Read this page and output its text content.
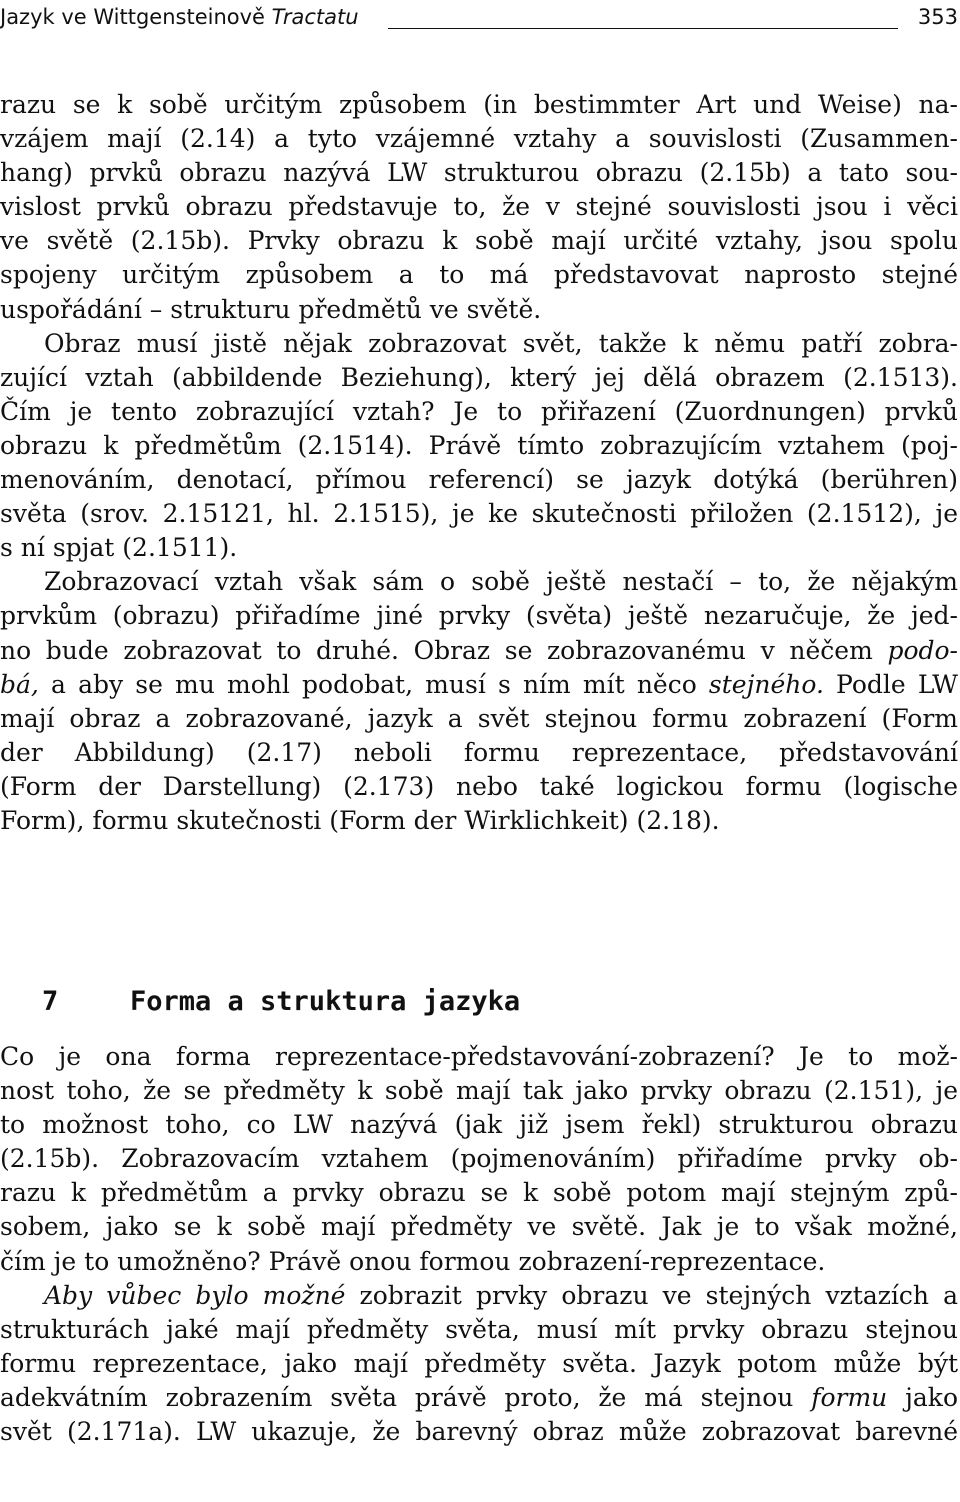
Jazyk ve Wittgensteinově Tractatu	353
razu se k sobě určitým způsobem (in bestimmter Art und Weise) na-
vzájem mají (2.14) a tyto vzájemné vztahy a souvislosti (Zusammen-
hang) prvků obrazu nazývá LW strukturou obrazu (2.15b) a tato sou-
vislost prvků obrazu představuje to, že v stejné souvislosti jsou i věci
ve světě (2.15b). Prvky obrazu k sobě mají určité vztahy, jsou spolu
spojeny určitým způsobem a to má představovat naprosto stejné
uspořádání – strukturu předmětů ve světě.
Obraz musí jistě nějak zobrazovat svět, takže k němu patří zobra-
zující vztah (abbildende Beziehung), který jej dělá obrazem (2.1513).
Čím je tento zobrazující vztah? Je to přiřazení (Zuordnungen) prvků
obrazu k předmětům (2.1514). Právě tímto zobrazujícím vztahem (poj-
menováním, denotací, přímou referencí) se jazyk dotýká (berühren)
světa (srov. 2.15121, hl. 2.1515), je ke skutečnosti přiložen (2.1512), je
s ní spjat (2.1511).
Zobrazovací vztah však sám o sobě ještě nestačí – to, že nějakým
prvkům (obrazu) přiřadíme jiné prvky (světa) ještě nezaručuje, že jed-
no bude zobrazovat to druhé. Obraz se zobrazovanému v něčem podo-
bá, a aby se mu mohl podobat, musí s ním mít něco stejného. Podle LW
mají obraz a zobrazované, jazyk a svět stejnou formu zobrazení (Form
der Abbildung) (2.17) neboli formu reprezentace, představování
(Form der Darstellung) (2.173) nebo také logickou formu (logische
Form), formu skutečnosti (Form der Wirklichkeit) (2.18).
7	Forma a struktura jazyka
Co je ona forma reprezentace-představování-zobrazení? Je to mož-
nost toho, že se předměty k sobě mají tak jako prvky obrazu (2.151), je
to možnost toho, co LW nazývá (jak již jsem řekl) strukturou obrazu
(2.15b). Zobrazovacím vztahem (pojmenováním) přiřadíme prvky ob-
razu k předmětům a prvky obrazu se k sobě potom mají stejným způ-
sobem, jako se k sobě mají předměty ve světě. Jak je to však možné,
čím je to umožněno? Právě onou formou zobrazení-reprezentace.
Aby vůbec bylo možné zobrazit prvky obrazu ve stejných vztazích a
strukturách jaké mají předměty světa, musí mít prvky obrazu stejnou
formu reprezentace, jako mají předměty světa. Jazyk potom může být
adekvátním zobrazením světa právě proto, že má stejnou formu jako
svět (2.171a). LW ukazuje, že barevný obraz může zobrazovat barevné
